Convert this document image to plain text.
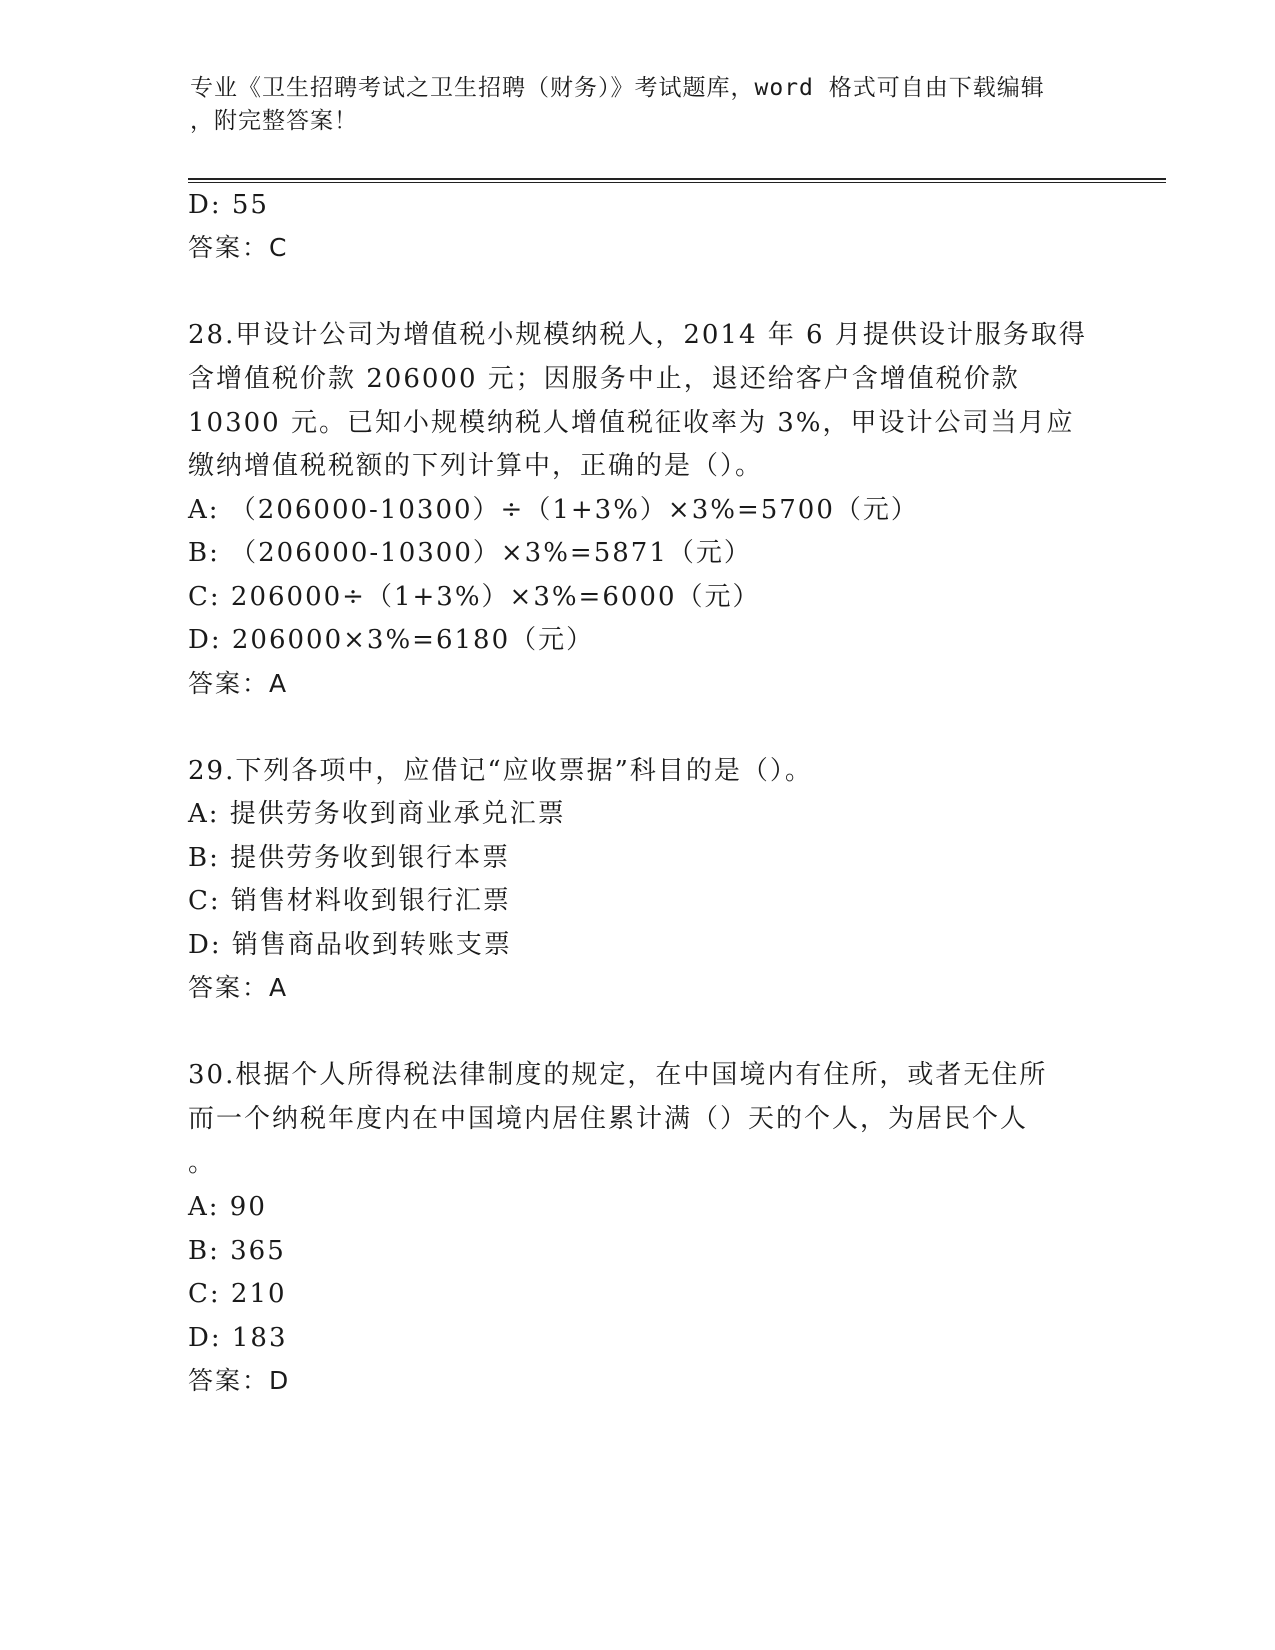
专业《卫生招聘考试之卫生招聘（财务）》考试题库，word 格式可自由下载编辑
，附完整答案！
D: 55
答案：C
28.甲设计公司为增值税小规模纳税人，2014 年 6 月提供设计服务取得
含增值税价款 206000 元；因服务中止，退还给客户含增值税价款
10300 元。已知小规模纳税人增值税征收率为 3%，甲设计公司当月应
缴纳增值税税额的下列计算中，正确的是（）。
A: （206000-10300）÷（1+3%）×3%=5700（元）
B: （206000-10300）×3%=5871（元）
C: 206000÷（1+3%）×3%=6000（元）
D: 206000×3%=6180（元）
答案：A
29.下列各项中，应借记“应收票据”科目的是（）。
A: 提供劳务收到商业承兑汇票
B: 提供劳务收到银行本票
C: 销售材料收到银行汇票
D: 销售商品收到转账支票
答案：A
30.根据个人所得税法律制度的规定，在中国境内有住所，或者无住所
而一个纳税年度内在中国境内居住累计满（）天的个人，为居民个人
。
A: 90
B: 365
C: 210
D: 183
答案：D
